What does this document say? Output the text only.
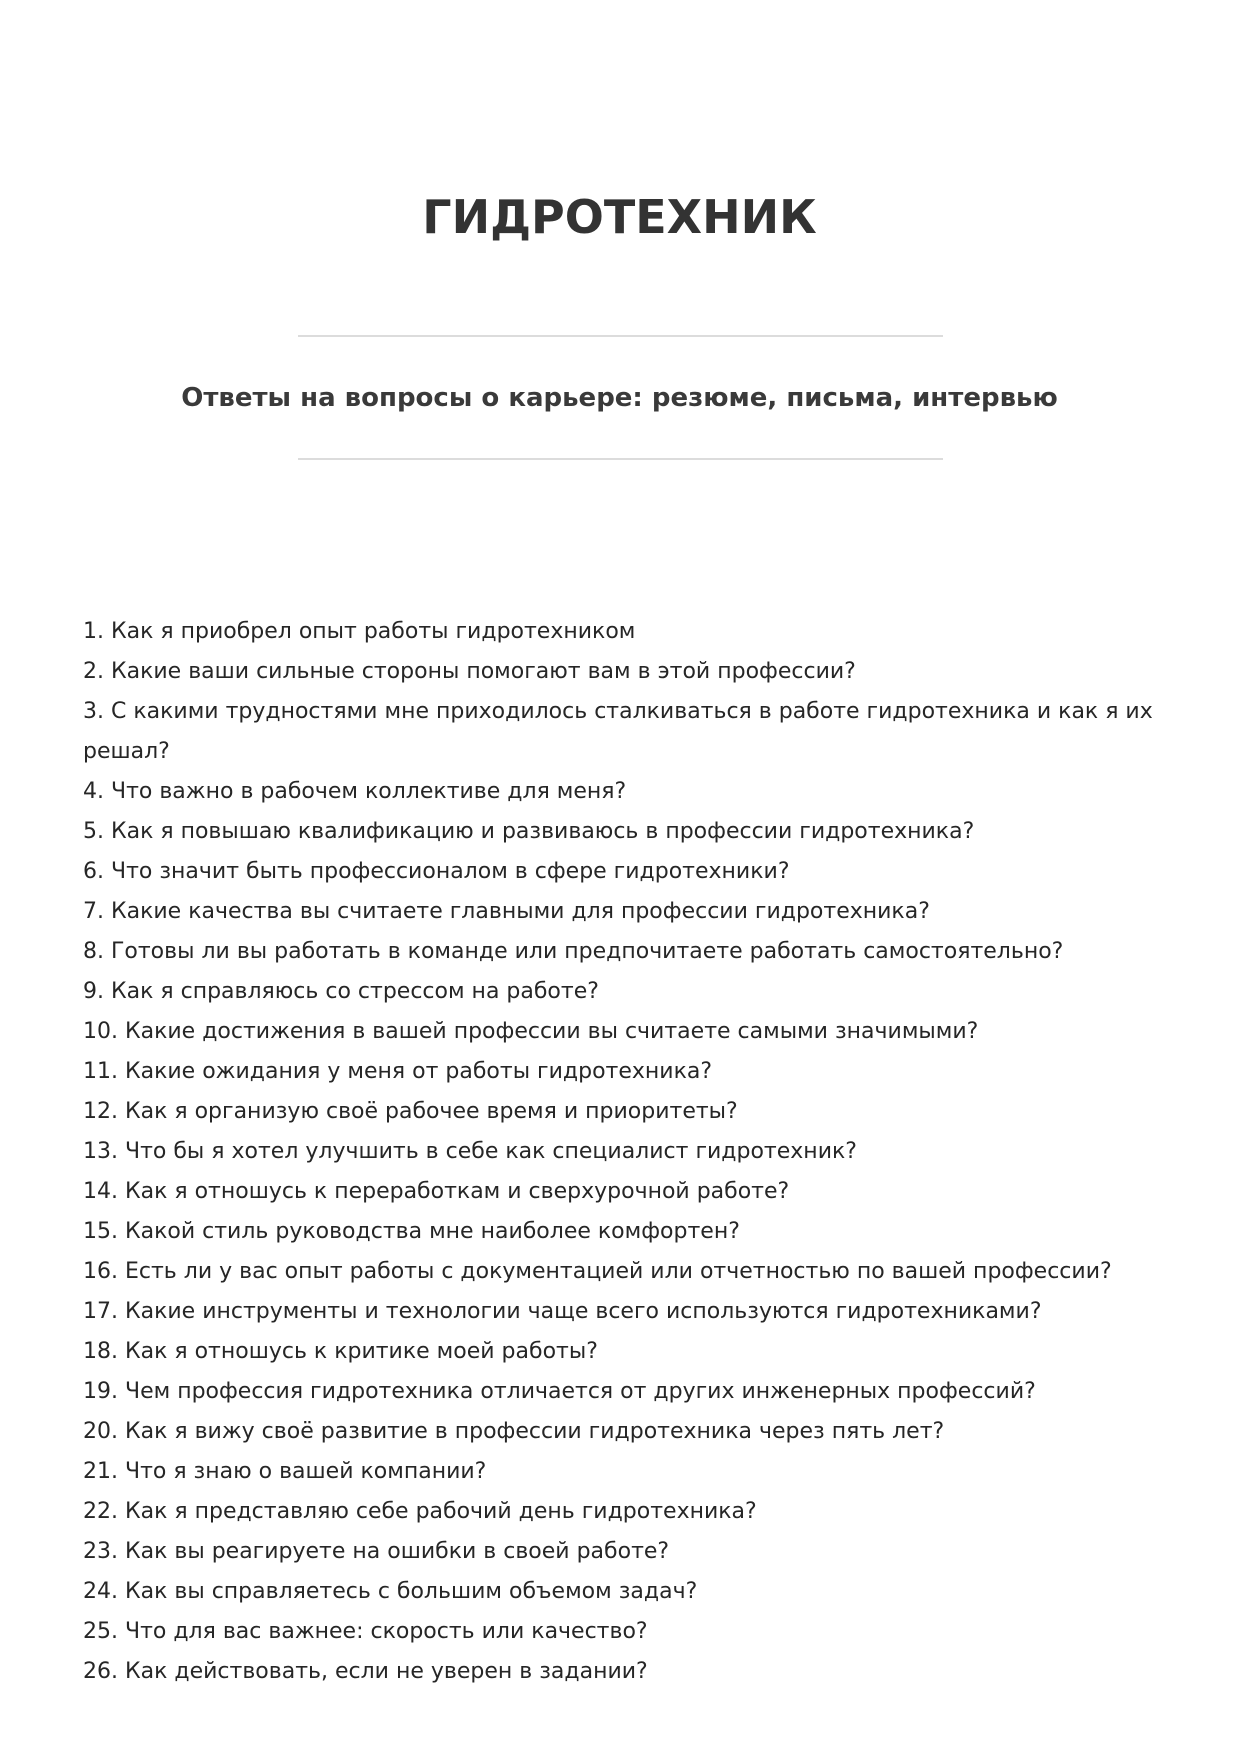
ГИДРОТЕХНИК
Ответы на вопросы о карьере: резюме, письма, интервью
1. Как я приобрел опыт работы гидротехником
2. Какие ваши сильные стороны помогают вам в этой профессии?
3. С какими трудностями мне приходилось сталкиваться в работе гидротехника и как я их решал?
4. Что важно в рабочем коллективе для меня?
5. Как я повышаю квалификацию и развиваюсь в профессии гидротехника?
6. Что значит быть профессионалом в сфере гидротехники?
7. Какие качества вы считаете главными для профессии гидротехника?
8. Готовы ли вы работать в команде или предпочитаете работать самостоятельно?
9. Как я справляюсь со стрессом на работе?
10. Какие достижения в вашей профессии вы считаете самыми значимыми?
11. Какие ожидания у меня от работы гидротехника?
12. Как я организую своё рабочее время и приоритеты?
13. Что бы я хотел улучшить в себе как специалист гидротехник?
14. Как я отношусь к переработкам и сверхурочной работе?
15. Какой стиль руководства мне наиболее комфортен?
16. Есть ли у вас опыт работы с документацией или отчетностью по вашей профессии?
17. Какие инструменты и технологии чаще всего используются гидротехниками?
18. Как я отношусь к критике моей работы?
19. Чем профессия гидротехника отличается от других инженерных профессий?
20. Как я вижу своё развитие в профессии гидротехника через пять лет?
21. Что я знаю о вашей компании?
22. Как я представляю себе рабочий день гидротехника?
23. Как вы реагируете на ошибки в своей работе?
24. Как вы справляетесь с большим объемом задач?
25. Что для вас важнее: скорость или качество?
26. Как действовать, если не уверен в задании?
